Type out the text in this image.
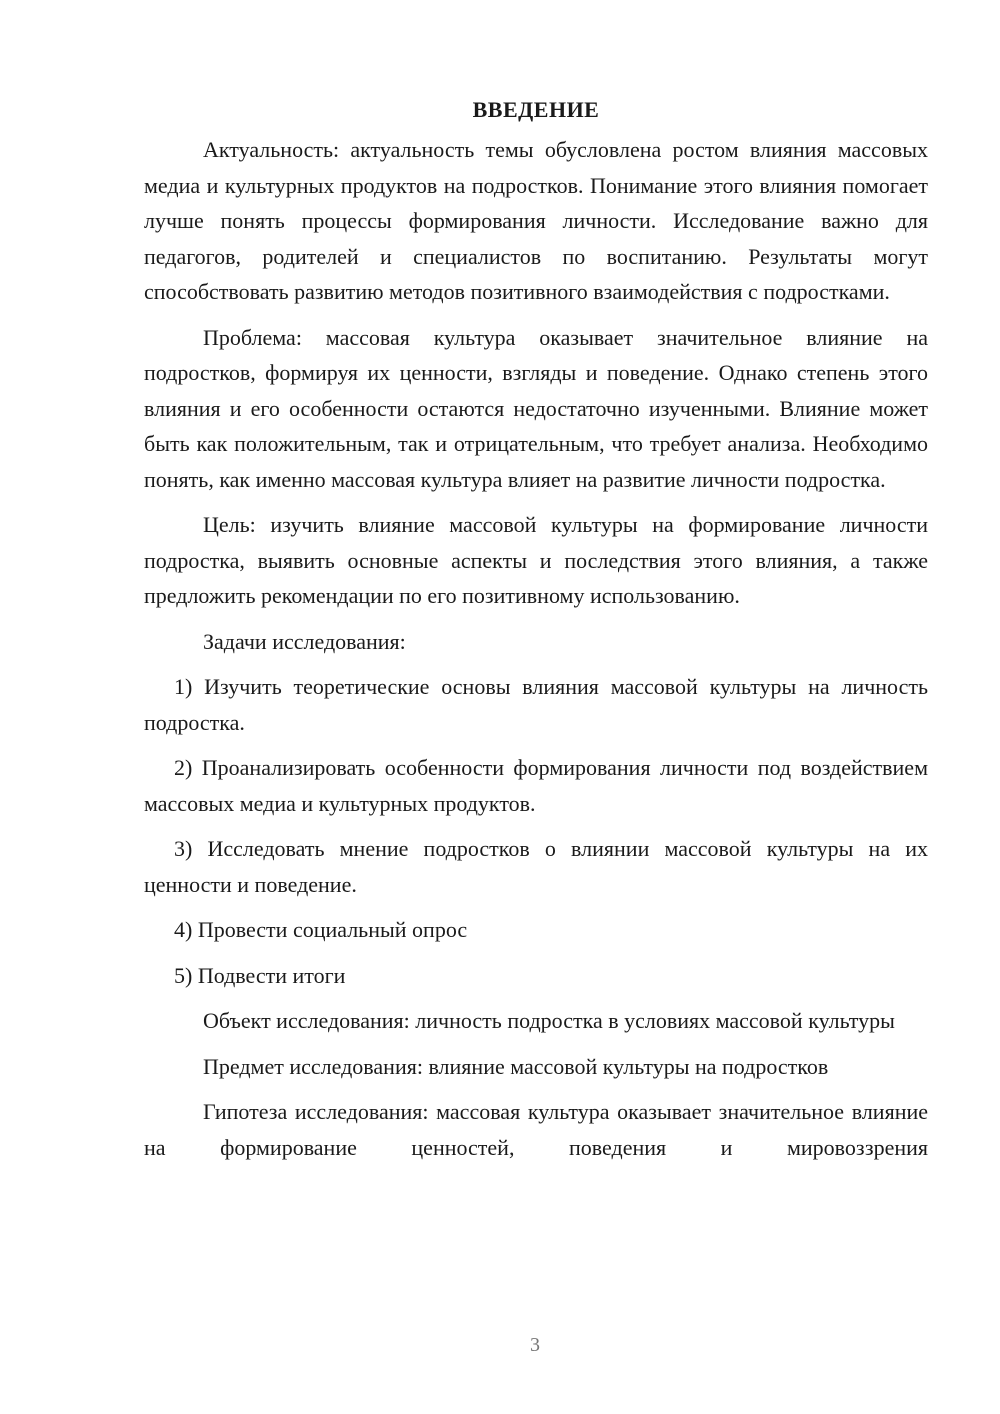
ВВЕДЕНИЕ

Актуальность: актуальность темы обусловлена ростом влияния массовых медиа и культурных продуктов на подростков. Понимание этого влияния помогает лучше понять процессы формирования личности. Исследование важно для педагогов, родителей и специалистов по воспитанию. Результаты могут способствовать развитию методов позитивного взаимодействия с подростками.

Проблема: массовая культура оказывает значительное влияние на подростков, формируя их ценности, взгляды и поведение. Однако степень этого влияния и его особенности остаются недостаточно изученными. Влияние может быть как положительным, так и отрицательным, что требует анализа. Необходимо понять, как именно массовая культура влияет на развитие личности подростка.

Цель: изучить влияние массовой культуры на формирование личности подростка, выявить основные аспекты и последствия этого влияния, а также предложить рекомендации по его позитивному использованию.

Задачи исследования:

1) Изучить теоретические основы влияния массовой культуры на личность подростка.

2) Проанализировать особенности формирования личности под воздействием массовых медиа и культурных продуктов.

3) Исследовать мнение подростков о влиянии массовой культуры на их ценности и поведение.

4) Провести социальный опрос

5) Подвести итоги

Объект исследования: личность подростка в условиях массовой культуры

Предмет исследования: влияние массовой культуры на подростков

Гипотеза исследования: массовая культура оказывает значительное влияние на формирование ценностей, поведения и мировоззрения

3
